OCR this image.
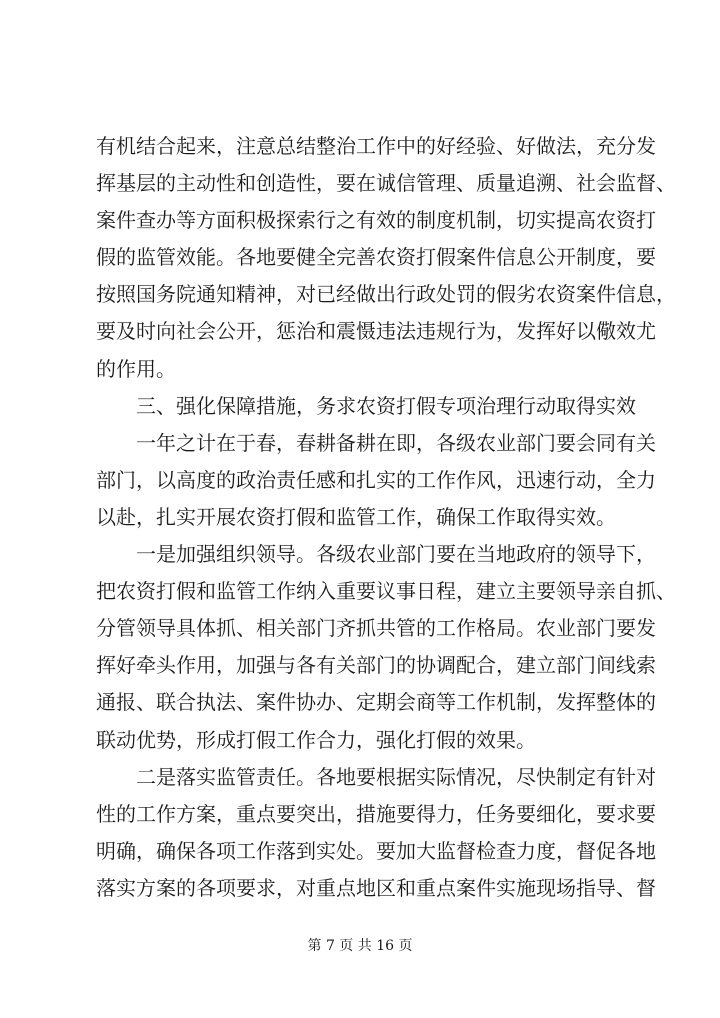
有机结合起来，注意总结整治工作中的好经验、好做法，充分发
挥基层的主动性和创造性，要在诚信管理、质量追溯、社会监督、
案件查办等方面积极探索行之有效的制度机制，切实提高农资打
假的监管效能。各地要健全完善农资打假案件信息公开制度，要
按照国务院通知精神，对已经做出行政处罚的假劣农资案件信息，
要及时向社会公开，惩治和震慑违法违规行为，发挥好以儆效尤
的作用。
三、强化保障措施，务求农资打假专项治理行动取得实效
一年之计在于春，春耕备耕在即，各级农业部门要会同有关
部门，以高度的政治责任感和扎实的工作作风，迅速行动，全力
以赴，扎实开展农资打假和监管工作，确保工作取得实效。
一是加强组织领导。各级农业部门要在当地政府的领导下，
把农资打假和监管工作纳入重要议事日程，建立主要领导亲自抓、
分管领导具体抓、相关部门齐抓共管的工作格局。农业部门要发
挥好牵头作用，加强与各有关部门的协调配合，建立部门间线索
通报、联合执法、案件协办、定期会商等工作机制，发挥整体的
联动优势，形成打假工作合力，强化打假的效果。
二是落实监管责任。各地要根据实际情况，尽快制定有针对
性的工作方案，重点要突出，措施要得力，任务要细化，要求要
明确，确保各项工作落到实处。要加大监督检查力度，督促各地
落实方案的各项要求，对重点地区和重点案件实施现场指导、督
第 7 页 共 16 页
